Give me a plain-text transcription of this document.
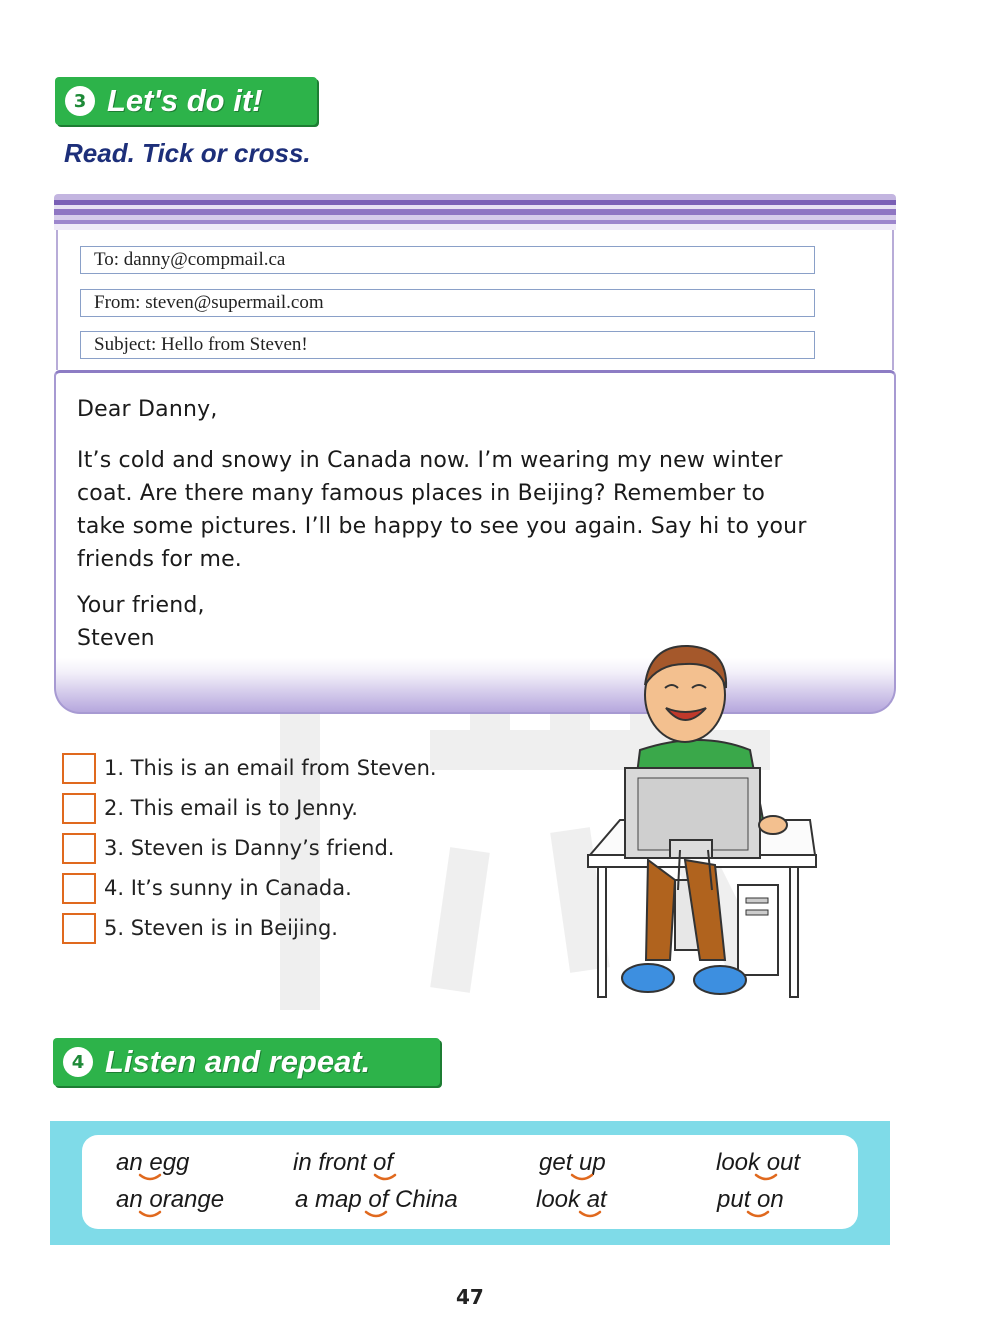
3 Let's do it!
Read. Tick or cross.
To: danny@compmail.ca
From: steven@supermail.com
Subject: Hello from Steven!
Dear Danny,
It’s cold and snowy in Canada now. I’m wearing my new winter
coat. Are there many famous places in Beijing? Remember to
take some pictures. I’ll be happy to see you again. Say hi to your
friends for me.
Your friend,
Steven
1. This is an email from Steven.
2. This email is to Jenny.
3. Steven is Danny’s friend.
4. It’s sunny in Canada.
5. Steven is in Beijing.
4 Listen and repeat.
an egg
an orange
in front of
a map of China
get up
look at
look out
put on
47
